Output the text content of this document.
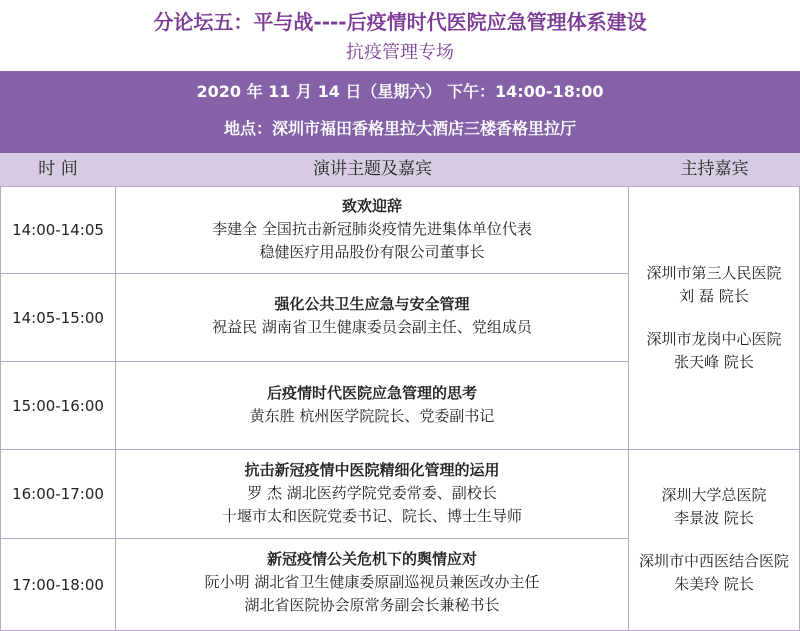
分论坛五：平与战----后疫情时代医院应急管理体系建设
抗疫管理专场
2020 年 11 月 14 日（星期六） 下午：14:00-18:00
地点：深圳市福田香格里拉大酒店三楼香格里拉厅
时 间	演讲主题及嘉宾	主持嘉宾
14:00-14:05
致欢迎辞
李建全 全国抗击新冠肺炎疫情先进集体单位代表
稳健医疗用品股份有限公司董事长
14:05-15:00
强化公共卫生应急与安全管理
祝益民 湖南省卫生健康委员会副主任、党组成员
15:00-16:00
后疫情时代医院应急管理的思考
黄东胜 杭州医学院院长、党委副书记
深圳市第三人民医院
刘 磊 院长
深圳市龙岗中心医院
张天峰 院长
16:00-17:00
抗击新冠疫情中医院精细化管理的运用
罗 杰 湖北医药学院党委常委、副校长
十堰市太和医院党委书记、院长、博士生导师
17:00-18:00
新冠疫情公关危机下的舆情应对
阮小明 湖北省卫生健康委原副巡视员兼医改办主任
湖北省医院协会原常务副会长兼秘书长
深圳大学总医院
李景波 院长
深圳市中西医结合医院
朱美玲 院长
